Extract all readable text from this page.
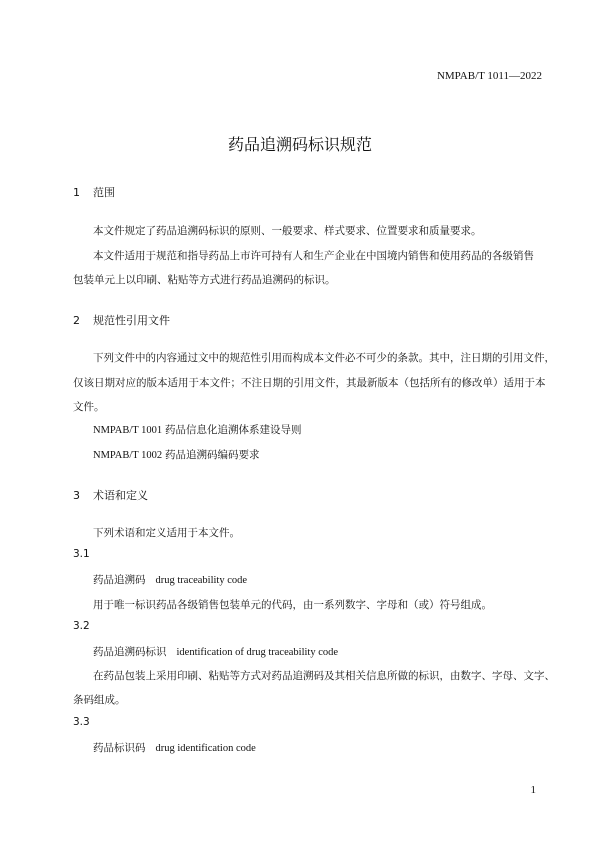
NMPAB/T 1011—2022
药品追溯码标识规范
1 范围
本文件规定了药品追溯码标识的原则、一般要求、样式要求、位置要求和质量要求。
本文件适用于规范和指导药品上市许可持有人和生产企业在中国境内销售和使用药品的各级销售
包装单元上以印刷、粘贴等方式进行药品追溯码的标识。
2 规范性引用文件
下列文件中的内容通过文中的规范性引用而构成本文件必不可少的条款。其中，注日期的引用文件，
仅该日期对应的版本适用于本文件；不注日期的引用文件，其最新版本（包括所有的修改单）适用于本
文件。
NMPAB/T 1001 药品信息化追溯体系建设导则
NMPAB/T 1002 药品追溯码编码要求
3 术语和定义
下列术语和定义适用于本文件。
3.1
药品追溯码 drug traceability code
用于唯一标识药品各级销售包装单元的代码，由一系列数字、字母和（或）符号组成。
3.2
药品追溯码标识 identification of drug traceability code
在药品包装上采用印刷、粘贴等方式对药品追溯码及其相关信息所做的标识，由数字、字母、文字、
条码组成。
3.3
药品标识码 drug identification code
1
